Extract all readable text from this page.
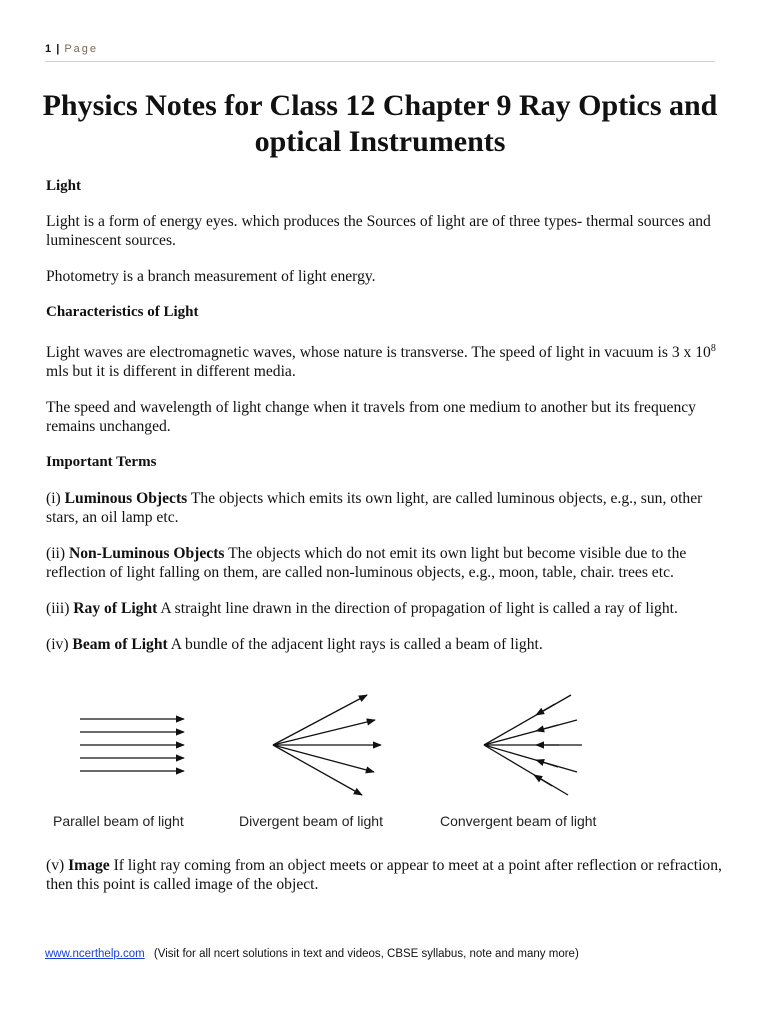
1 | Page
Physics Notes for Class 12 Chapter 9 Ray Optics and optical Instruments

Light

Light is a form of energy eyes. which produces the Sources of light are of three types- thermal sources and luminescent sources.

Photometry is a branch measurement of light energy.

Characteristics of Light

Light waves are electromagnetic waves, whose nature is transverse. The speed of light in vacuum is 3 x $10^8$ mls but it is different in different media.

The speed and wavelength of light change when it travels from one medium to another but its frequency remains unchanged.

Important Terms

(i) Luminous Objects The objects which emits its own light, are called luminous objects, e.g., sun, other stars, an oil lamp etc.

(ii) Non-Luminous Objects The objects which do not emit its own light but become visible due to the reflection of light falling on them, are called non-luminous objects, e.g., moon, table, chair. trees etc.

(iii) Ray of Light A straight line drawn in the direction of propagation of light is called a ray of light.

(iv) Beam of Light A bundle of the adjacent light rays is called a beam of light.

Parallel beam of light	Divergent beam of light	Convergent beam of light

(v) Image If light ray coming from an object meets or appear to meet at a point after reflection or refraction, then this point is called image of the object.

www.ncerthelp.com (Visit for all ncert solutions in text and videos, CBSE syllabus, note and many more)
